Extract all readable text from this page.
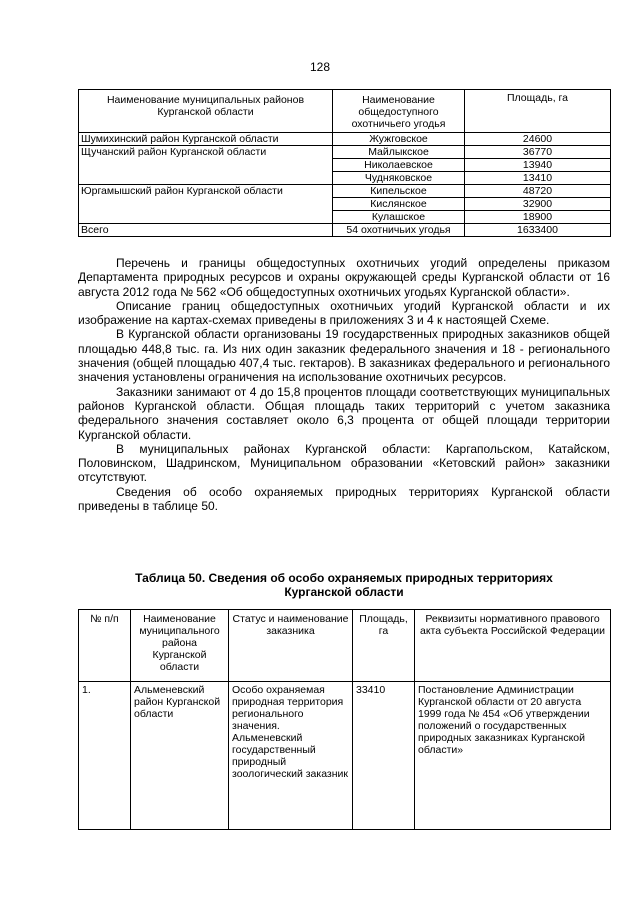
128
Наименование муниципальных районов Курганской области	Наименование общедоступного охотничьего угодья	Площадь, га
Шумихинский район Курганской области	Жужговское	24600
Щучанский район Курганской области	Майлыкское	36770
	Николаевское	13940
	Чудняковское	13410
Юргамышский район Курганской области	Кипельское	48720
	Кислянское	32900
	Кулашское	18900
Всего	54 охотничьих угодья	1633400

Перечень и границы общедоступных охотничьих угодий определены приказом Департамента природных ресурсов и охраны окружающей среды Курганской области от 16 августа 2012 года № 562 «Об общедоступных охотничьих угодьях Курганской области».

Описание границ общедоступных охотничьих угодий Курганской области и их изображение на картах-схемах приведены в приложениях 3 и 4 к настоящей Схеме.

В Курганской области организованы 19 государственных природных заказников общей площадью 448,8 тыс. га. Из них один заказник федерального значения и 18 - регионального значения (общей площадью 407,4 тыс. гектаров). В заказниках федерального и регионального значения установлены ограничения на использование охотничьих ресурсов.

Заказники занимают от 4 до 15,8 процентов площади соответствующих муниципальных районов Курганской области. Общая площадь таких территорий с учетом заказника федерального значения составляет около 6,3 процента от общей площади территории Курганской области.

В муниципальных районах Курганской области: Каргапольском, Катайском, Половинском, Шадринском, Муниципальном образовании «Кетовский район» заказники отсутствуют.

Сведения об особо охраняемых природных территориях Курганской области приведены в таблице 50.

Таблица 50. Сведения об особо охраняемых природных территориях
Курганской области
№ п/п	Наименование муниципального района Курганской области	Статус и наименование заказника	Площадь, га	Реквизиты нормативного правового акта субъекта Российской Федерации
1.	Альменевский район Курганской области	Особо охраняемая природная территория регионального значения. Альменевский государственный природный зоологический заказник	33410	Постановление Администрации Курганской области от 20 августа 1999 года № 454 «Об утверждении положений о государственных природных заказниках Курганской области»
